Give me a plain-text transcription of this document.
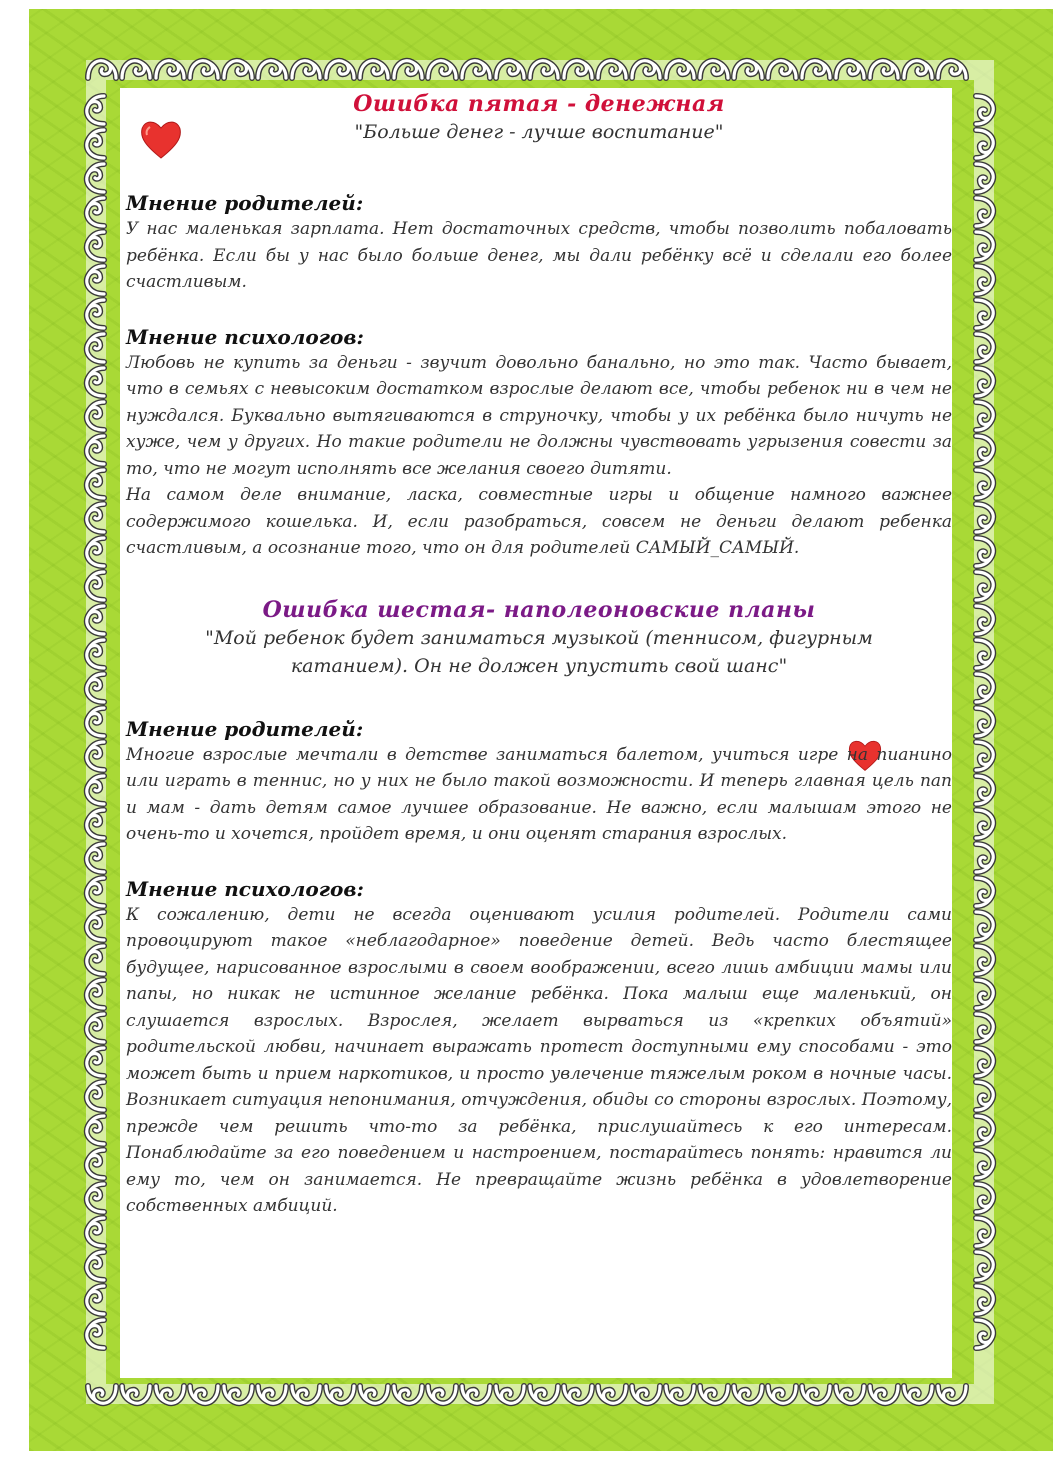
Ошибка пятая - денежная
"Больше денег - лучше воспитание"
Мнение родителей:
У нас маленькая зарплата. Нет достаточных средств, чтобы позволить побаловать ребёнка. Если бы у нас было больше денег, мы дали ребёнку всё и сделали его более счастливым.
Мнение психологов:
Любовь не купить за деньги - звучит довольно банально, но это так. Часто бывает, что в семьях с невысоким достатком взрослые делают все, чтобы ребенок ни в чем не нуждался. Буквально вытягиваются в струночку, чтобы у их ребёнка было ничуть не хуже, чем у других. Но такие родители не должны чувствовать угрызения совести за то, что не могут исполнять все желания своего дитяти.
На самом деле внимание, ласка, совместные игры и общение намного важнее содержимого кошелька. И, если разобраться, совсем не деньги делают ребенка счастливым, а осознание того, что он для родителей САМЫЙ_САМЫЙ.
Ошибка шестая- наполеоновские планы
"Мой ребенок будет заниматься музыкой (теннисом, фигурным катанием). Он не должен упустить свой шанс"
Мнение родителей:
Многие взрослые мечтали в детстве заниматься балетом, учиться игре на пианино или играть в теннис, но у них не было такой возможности. И теперь главная цель пап и мам - дать детям самое лучшее образование. Не важно, если малышам этого не очень-то и хочется, пройдет время, и они оценят старания взрослых.
Мнение психологов:
К сожалению, дети не всегда оценивают усилия родителей. Родители сами провоцируют такое «неблагодарное» поведение детей. Ведь часто блестящее будущее, нарисованное взрослыми в своем воображении, всего лишь амбиции мамы или папы, но никак не истинное желание ребёнка. Пока малыш еще маленький, он слушается взрослых. Взрослея, желает вырваться из «крепких объятий» родительской любви, начинает выражать протест доступными ему способами - это может быть и прием наркотиков, и просто увлечение тяжелым роком в ночные часы. Возникает ситуация непонимания, отчуждения, обиды со стороны взрослых. Поэтому, прежде чем решить что-то за ребёнка, прислушайтесь к его интересам. Понаблюдайте за его поведением и настроением, постарайтесь понять: нравится ли ему то, чем он занимается. Не превращайте жизнь ребёнка в удовлетворение собственных амбиций.
